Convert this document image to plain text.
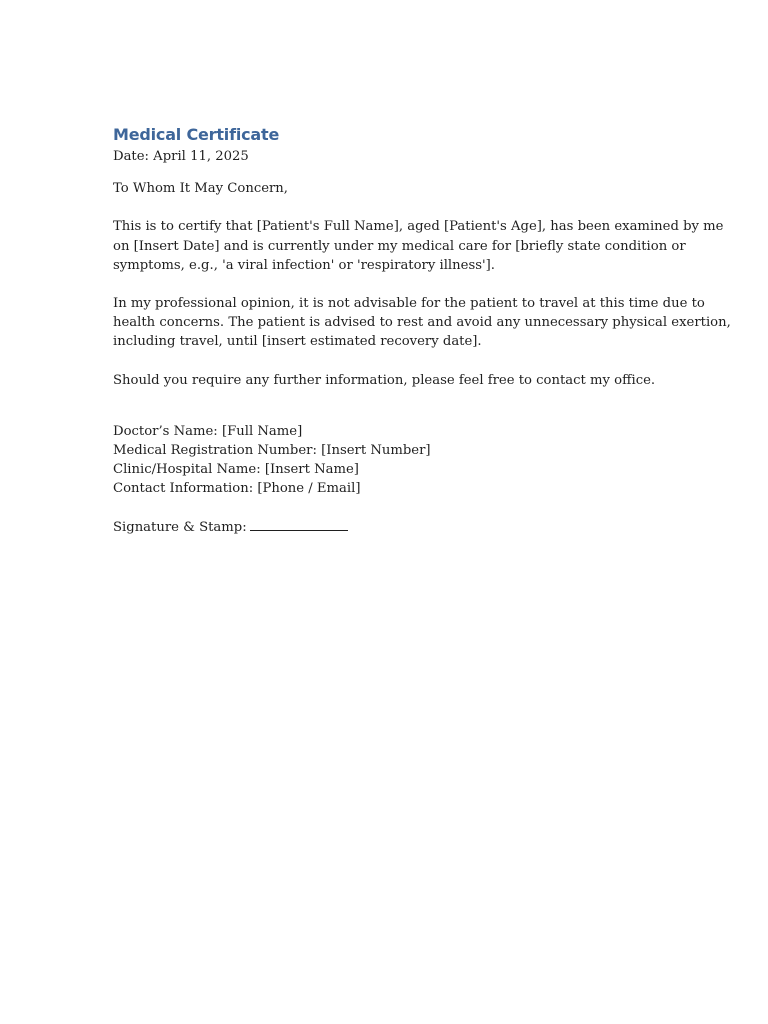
Medical Certificate
Date: April 11, 2025
To Whom It May Concern,
This is to certify that [Patient's Full Name], aged [Patient's Age], has been examined by me
on [Insert Date] and is currently under my medical care for [briefly state condition or
symptoms, e.g., 'a viral infection' or 'respiratory illness'].
In my professional opinion, it is not advisable for the patient to travel at this time due to
health concerns. The patient is advised to rest and avoid any unnecessary physical exertion,
including travel, until [insert estimated recovery date].
Should you require any further information, please feel free to contact my office.
Doctor’s Name: [Full Name]
Medical Registration Number: [Insert Number]
Clinic/Hospital Name: [Insert Name]
Contact Information: [Phone / Email]
Signature & Stamp:
